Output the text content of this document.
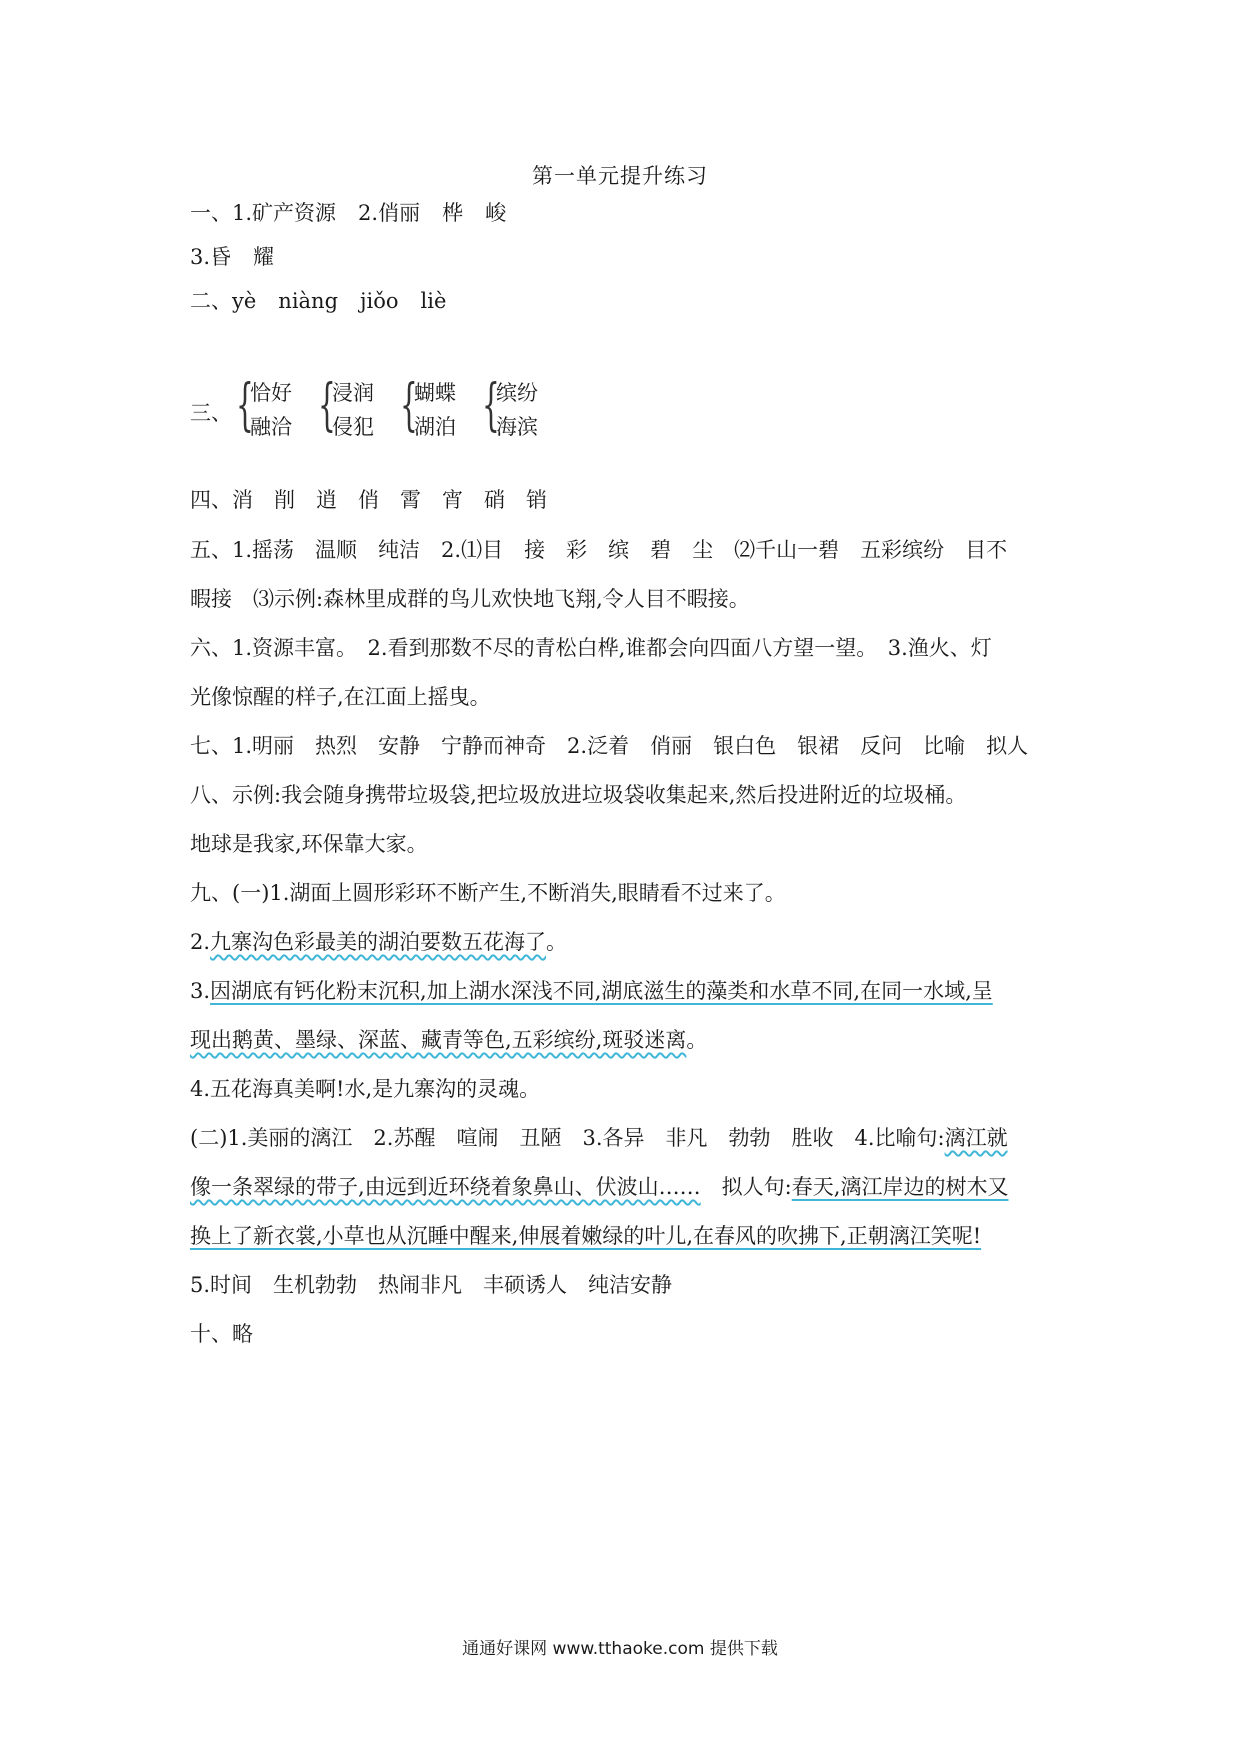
第一单元提升练习
一、1.矿产资源 2.俏丽 桦 峻
3.昏 耀
二、yè niàng jiǒo liè
三、 {
恰好
融洽 {
浸润
侵犯 {
蝴蝶
湖泊 {
缤纷
海滨
四、消　削　逍　俏　霄　宵　硝　销
五、1.摇荡　温顺　纯洁　2.⑴目　接　彩　缤　碧　尘　⑵千山一碧　五彩缤纷　目不
暇接　⑶示例:森林里成群的鸟儿欢快地飞翔,令人目不暇接。
六、1.资源丰富。　2.看到那数不尽的青松白桦,谁都会向四面八方望一望。　3.渔火、灯
光像惊醒的样子,在江面上摇曳。
七、1.明丽　热烈　安静　宁静而神奇　2.泛着　俏丽　银白色　银裙　反问　比喻　拟人
八、示例:我会随身携带垃圾袋,把垃圾放进垃圾袋收集起来,然后投进附近的垃圾桶。
地球是我家,环保靠大家。
九、(一)1.湖面上圆形彩环不断产生,不断消失,眼睛看不过来了。
2.九寨沟色彩最美的湖泊要数五花海了。
3.因湖底有钙化粉末沉积,加上湖水深浅不同,湖底滋生的藻类和水草不同,在同一水域,呈
现出鹅黄、墨绿、深蓝、藏青等色,五彩缤纷,斑驳迷离。
4.五花海真美啊!水,是九寨沟的灵魂。
(二)1.美丽的漓江　2.苏醒　喧闹　丑陋　3.各异　非凡　勃勃　胜收　4.比喻句:漓江就
像一条翠绿的带子,由远到近环绕着象鼻山、伏波山……　拟人句:春天,漓江岸边的树木又
换上了新衣裳,小草也从沉睡中醒来,伸展着嫩绿的叶儿,在春风的吹拂下,正朝漓江笑呢!
5.时间　生机勃勃　热闹非凡　丰硕诱人　纯洁安静
十、略
通通好课网 www.tthaoke.com 提供下载
